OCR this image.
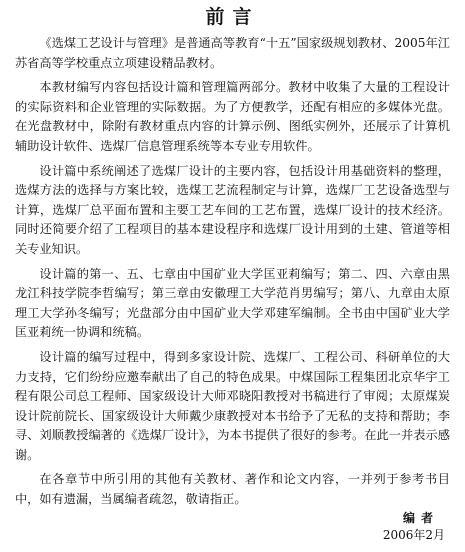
前言

《选煤工艺设计与管理》是普通高等教育“十五”国家级规划教材、2005年江苏省高等学校重点立项建设精品教材。

本教材编写内容包括设计篇和管理篇两部分。教材中收集了大量的工程设计的实际资料和企业管理的实际数据。为了方便教学，还配有相应的多媒体光盘。在光盘教材中，除附有教材重点内容的计算示例、图纸实例外，还展示了计算机辅助设计软件、选煤厂信息管理系统等本专业专用软件。

设计篇中系统阐述了选煤厂设计的主要内容，包括设计用基础资料的整理，选煤方法的选择与方案比较，选煤工艺流程制定与计算，选煤厂工艺设备选型与计算，选煤厂总平面布置和主要工艺车间的工艺布置，选煤厂设计的技术经济。同时还简要介绍了工程项目的基本建设程序和选煤厂设计用到的土建、管道等相关专业知识。

设计篇的第一、五、七章由中国矿业大学匡亚莉编写；第二、四、六章由黑龙江科技学院李哲编写；第三章由安徽理工大学范肖男编写；第八、九章由太原理工大学孙冬编写；光盘部分由中国矿业大学邓建军编制。全书由中国矿业大学匡亚莉统一协调和统稿。

设计篇的编写过程中，得到多家设计院、选煤厂、工程公司、科研单位的大力支持，它们纷纷应邀奉献出了自己的特色成果。中煤国际工程集团北京华宇工程有限公司总工程师、国家级设计大师邓晓阳教授对书稿进行了审阅；太原煤炭设计院前院长、国家级设计大师戴少康教授对本书给予了无私的支持和帮助；李寻、刘顺教授编著的《选煤厂设计》，为本书提供了很好的参考。在此一并表示感谢。

在各章节中所引用的其他有关教材、著作和论文内容，一并列于参考书目中，如有遗漏，当属编者疏忽，敬请指正。

编者
2006年2月
